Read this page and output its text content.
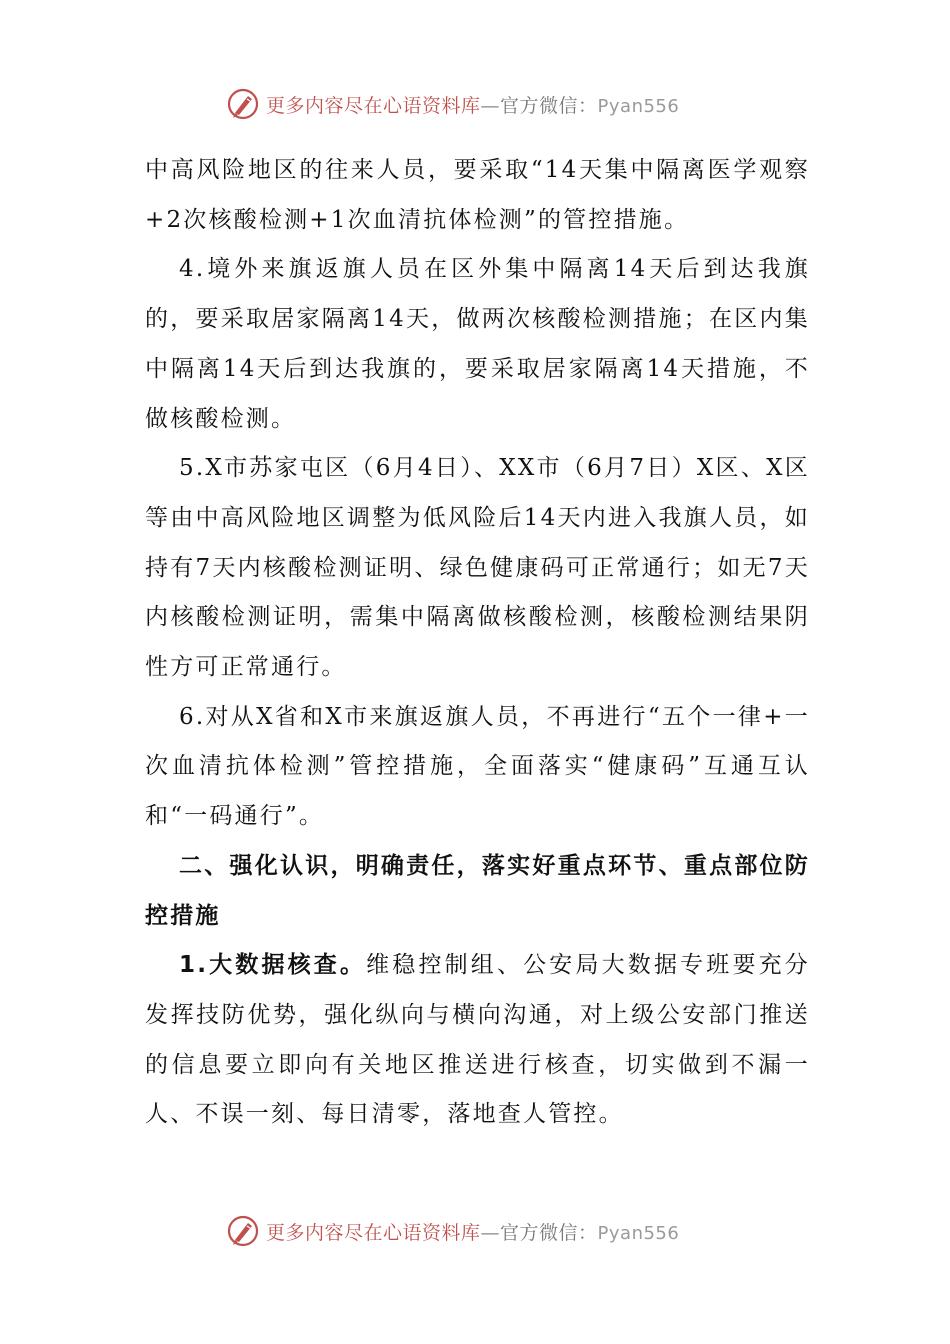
更多内容尽在心语资料库—官方微信：Pyan556

中高风险地区的往来人员，要采取“14天集中隔离医学观察+2次核酸检测+1次血清抗体检测”的管控措施。

4.境外来旗返旗人员在区外集中隔离14天后到达我旗的，要采取居家隔离14天，做两次核酸检测措施；在区内集中隔离14天后到达我旗的，要采取居家隔离14天措施，不做核酸检测。

5.X市苏家屯区（6月4日）、XX市（6月7日）X区、X区等由中高风险地区调整为低风险后14天内进入我旗人员，如持有7天内核酸检测证明、绿色健康码可正常通行；如无7天内核酸检测证明，需集中隔离做核酸检测，核酸检测结果阴性方可正常通行。

6.对从X省和X市来旗返旗人员，不再进行“五个一律+一次血清抗体检测”管控措施，全面落实“健康码”互通互认和“一码通行”。

二、强化认识，明确责任，落实好重点环节、重点部位防控措施

1.大数据核查。维稳控制组、公安局大数据专班要充分发挥技防优势，强化纵向与横向沟通，对上级公安部门推送的信息要立即向有关地区推送进行核查，切实做到不漏一人、不误一刻、每日清零，落地查人管控。

更多内容尽在心语资料库—官方微信：Pyan556
